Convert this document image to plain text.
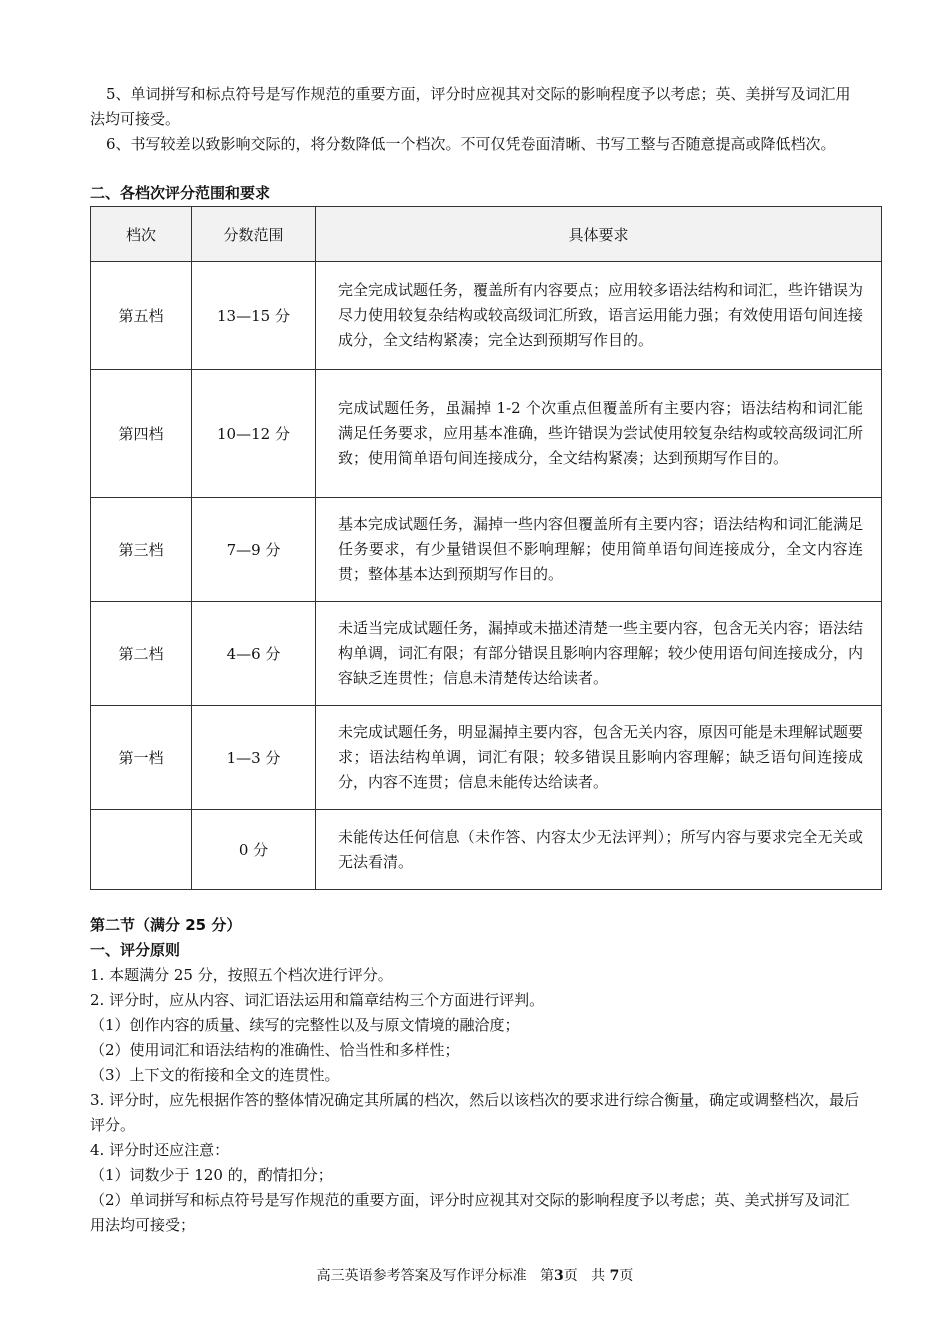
5、单词拼写和标点符号是写作规范的重要方面，评分时应视其对交际的影响程度予以考虑；英、美拼写及词汇用法均可接受。

6、书写较差以致影响交际的，将分数降低一个档次。不可仅凭卷面清晰、书写工整与否随意提高或降低档次。

二、各档次评分范围和要求

档次	分数范围	具体要求
第五档	13—15 分	完全完成试题任务，覆盖所有内容要点；应用较多语法结构和词汇，些许错误为尽力使用较复杂结构或较高级词汇所致，语言运用能力强；有效使用语句间连接成分，全文结构紧凑；完全达到预期写作目的。
第四档	10—12 分	完成试题任务，虽漏掉 1-2 个次重点但覆盖所有主要内容；语法结构和词汇能满足任务要求，应用基本准确，些许错误为尝试使用较复杂结构或较高级词汇所致；使用简单语句间连接成分，全文结构紧凑；达到预期写作目的。
第三档	7—9 分	基本完成试题任务，漏掉一些内容但覆盖所有主要内容；语法结构和词汇能满足任务要求，有少量错误但不影响理解；使用简单语句间连接成分，全文内容连贯；整体基本达到预期写作目的。
第二档	4—6 分	未适当完成试题任务，漏掉或未描述清楚一些主要内容，包含无关内容；语法结构单调，词汇有限；有部分错误且影响内容理解；较少使用语句间连接成分，内容缺乏连贯性；信息未清楚传达给读者。
第一档	1—3 分	未完成试题任务，明显漏掉主要内容，包含无关内容，原因可能是未理解试题要求；语法结构单调，词汇有限；较多错误且影响内容理解；缺乏语句间连接成分，内容不连贯；信息未能传达给读者。
	0 分	未能传达任何信息（未作答、内容太少无法评判）；所写内容与要求完全无关或无法看清。

第二节（满分 25 分）

一、评分原则

1. 本题满分 25 分，按照五个档次进行评分。

2. 评分时，应从内容、词汇语法运用和篇章结构三个方面进行评判。

（1）创作内容的质量、续写的完整性以及与原文情境的融洽度；

（2）使用词汇和语法结构的准确性、恰当性和多样性；

（3）上下文的衔接和全文的连贯性。

3. 评分时，应先根据作答的整体情况确定其所属的档次，然后以该档次的要求进行综合衡量，确定或调整档次，最后评分。

4. 评分时还应注意：

（1）词数少于 120 的，酌情扣分；

（2）单词拼写和标点符号是写作规范的重要方面，评分时应视其对交际的影响程度予以考虑；英、美式拼写及词汇用法均可接受；

高三英语参考答案及写作评分标准 第3页 共 7页
